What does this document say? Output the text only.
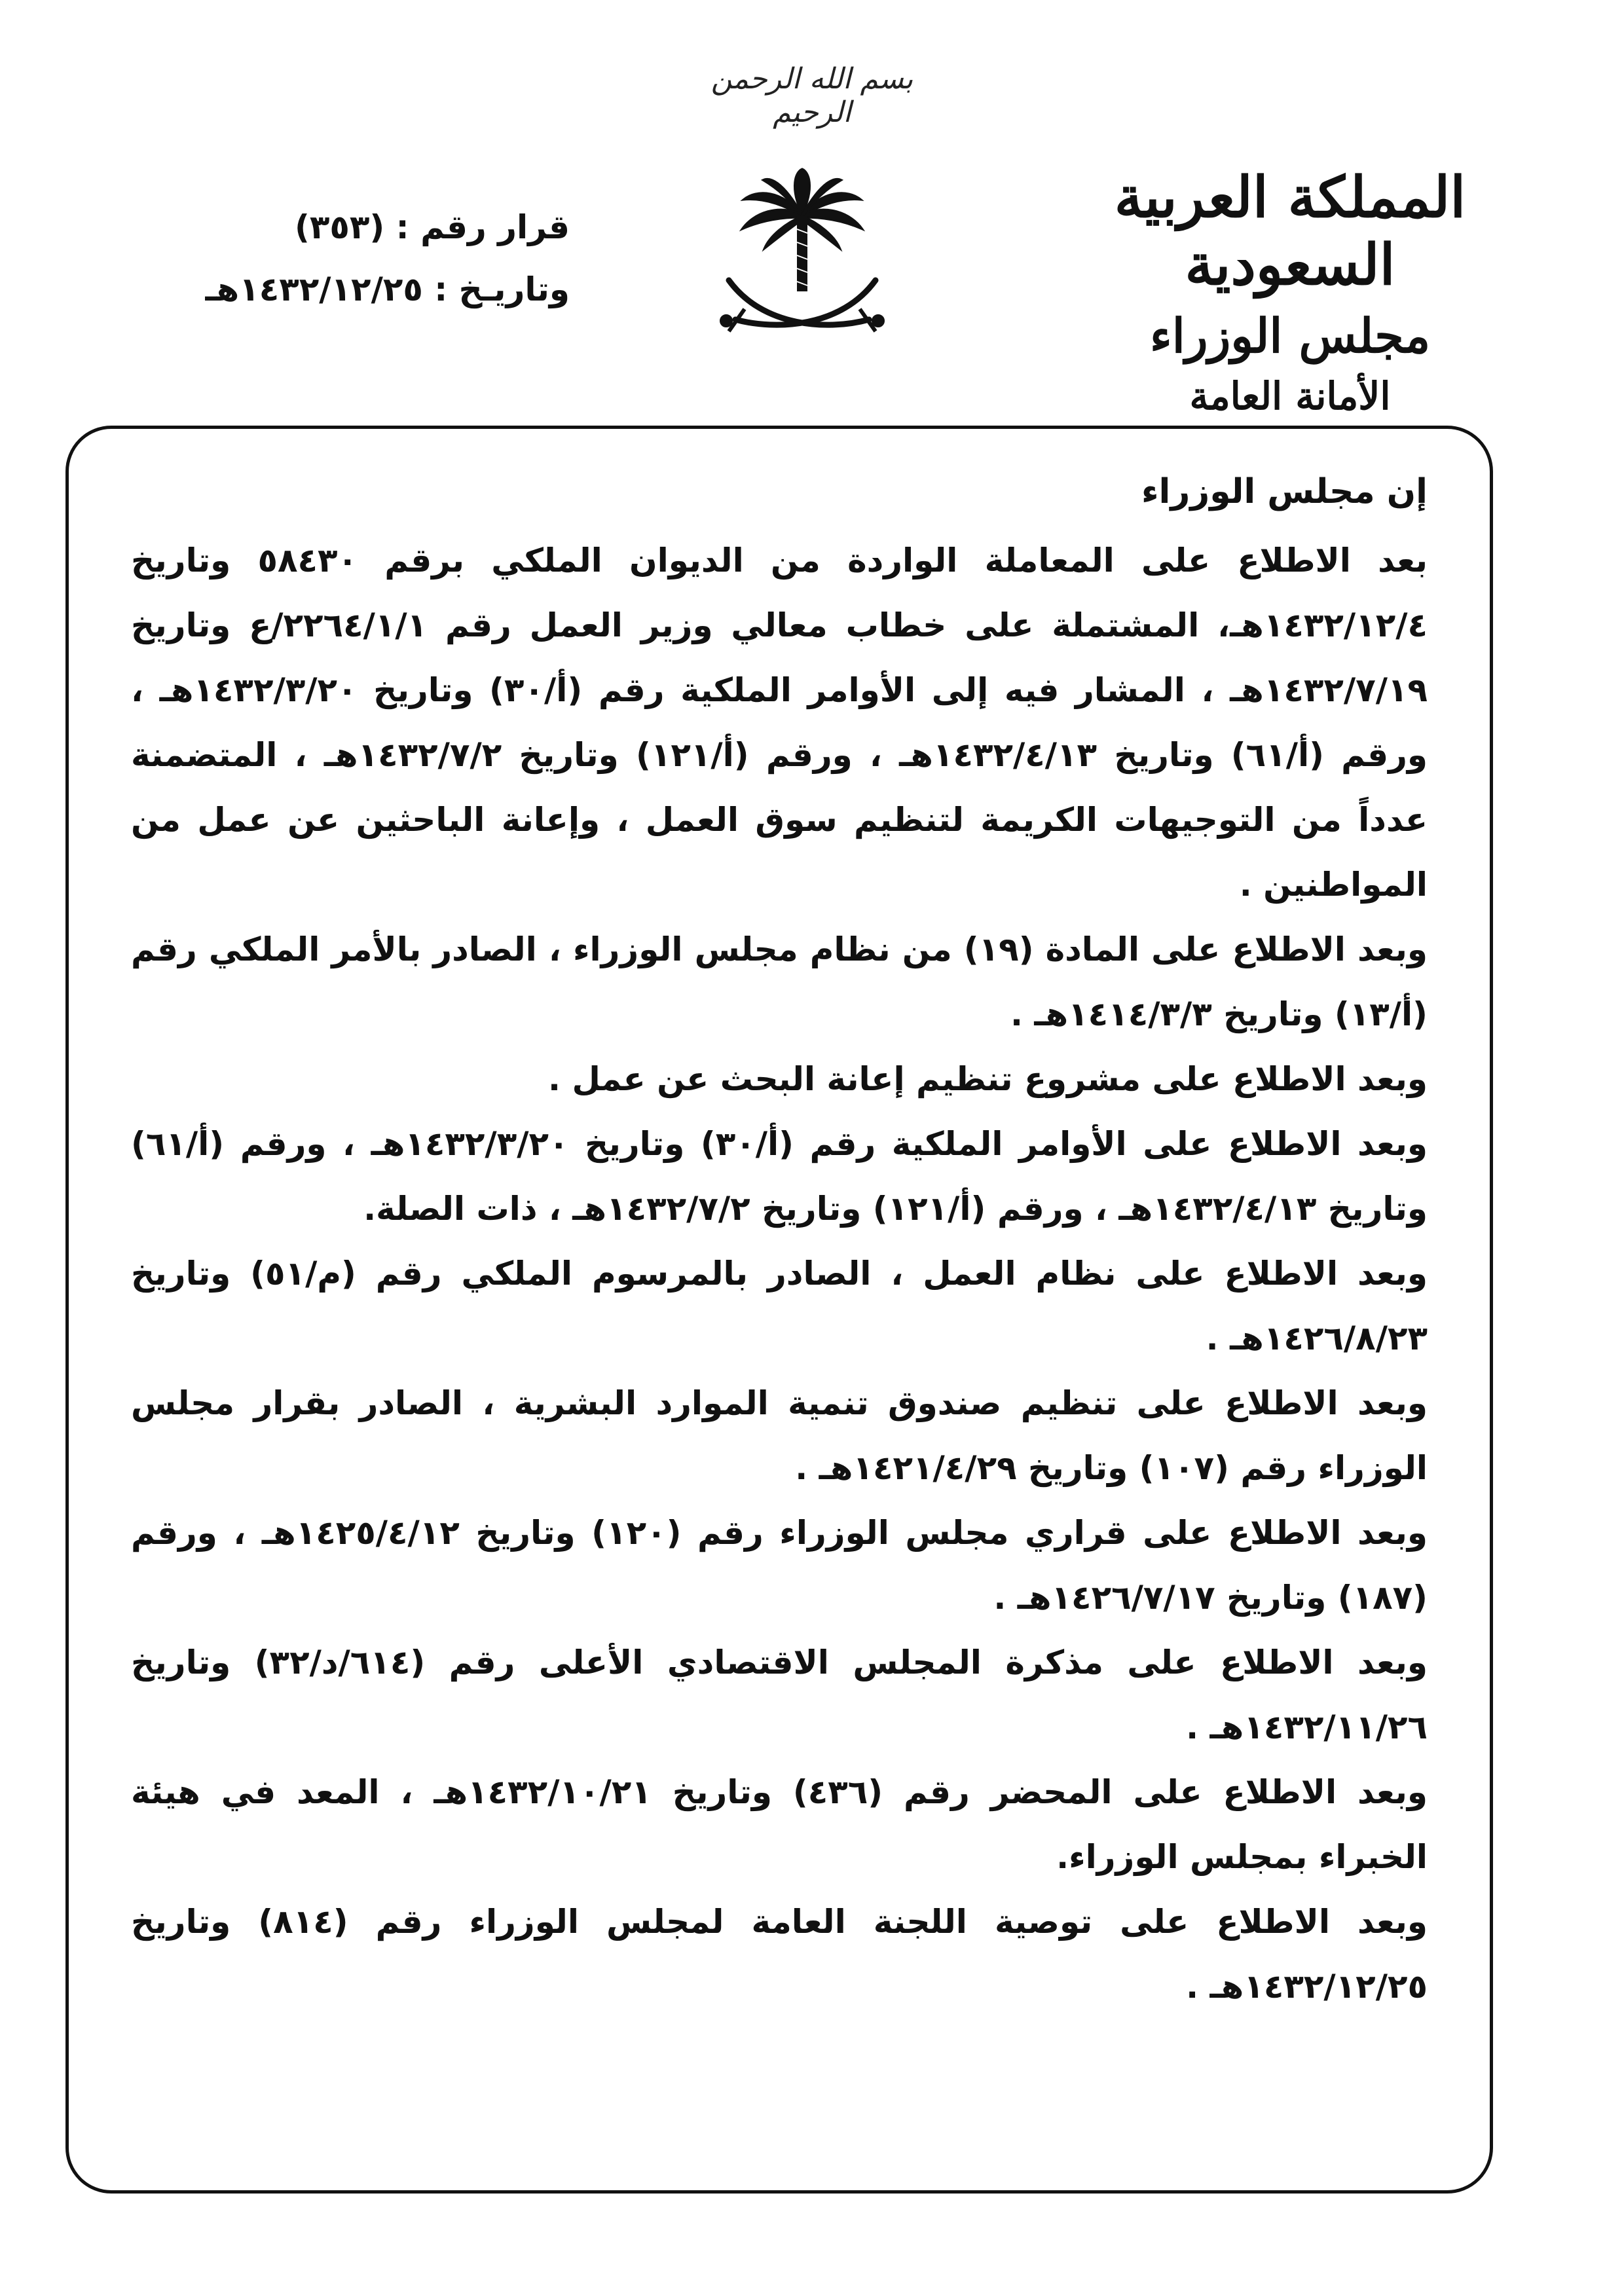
بسم الله الرحمن الرحيم
المملكة العربية السعودية
مجلس الوزراء
الأمانة العامة
قرار رقم : (٣٥٣)
وتاريـخ : ١٤٣٢/١٢/٢٥هـ

إن مجلس الوزراء

بعد الاطلاع على المعاملة الواردة من الديوان الملكي برقم ٥٨٤٣٠ وتاريخ ١٤٣٢/١٢/٤هـ، المشتملة على خطاب معالي وزير العمل رقم ٢٢٦٤/١/١/ع وتاريخ ١٤٣٢/٧/١٩هـ ، المشار فيه إلى الأوامر الملكية رقم (أ/٣٠) وتاريخ ١٤٣٢/٣/٢٠هـ ، ورقم (أ/٦١) وتاريخ ١٤٣٢/٤/١٣هـ ، ورقم (أ/١٢١) وتاريخ ١٤٣٢/٧/٢هـ ، المتضمنة عدداً من التوجيهات الكريمة لتنظيم سوق العمل ، وإعانة الباحثين عن عمل من المواطنين .

وبعد الاطلاع على المادة (١٩) من نظام مجلس الوزراء ، الصادر بالأمر الملكي رقم (أ/١٣) وتاريخ ١٤١٤/٣/٣هـ .

وبعد الاطلاع على مشروع تنظيم إعانة البحث عن عمل .

وبعد الاطلاع على الأوامر الملكية رقم (أ/٣٠) وتاريخ ١٤٣٢/٣/٢٠هـ ، ورقم (أ/٦١) وتاريخ ١٤٣٢/٤/١٣هـ ، ورقم (أ/١٢١) وتاريخ ١٤٣٢/٧/٢هـ ، ذات الصلة.

وبعد الاطلاع على نظام العمل ، الصادر بالمرسوم الملكي رقم (م/٥١) وتاريخ ١٤٢٦/٨/٢٣هـ .

وبعد الاطلاع على تنظيم صندوق تنمية الموارد البشرية ، الصادر بقرار مجلس الوزراء رقم (١٠٧) وتاريخ ١٤٢١/٤/٢٩هـ .

وبعد الاطلاع على قراري مجلس الوزراء رقم (١٢٠) وتاريخ ١٤٢٥/٤/١٢هـ ، ورقم (١٨٧) وتاريخ ١٤٢٦/٧/١٧هـ .

وبعد الاطلاع على مذكرة المجلس الاقتصادي الأعلى رقم (٦١٤/د/٣٢) وتاريخ ١٤٣٢/١١/٢٦هـ .

وبعد الاطلاع على المحضر رقم (٤٣٦) وتاريخ ١٤٣٢/١٠/٢١هـ ، المعد في هيئة الخبراء بمجلس الوزراء.

وبعد الاطلاع على توصية اللجنة العامة لمجلس الوزراء رقم (٨١٤) وتاريخ ١٤٣٢/١٢/٢٥هـ .
